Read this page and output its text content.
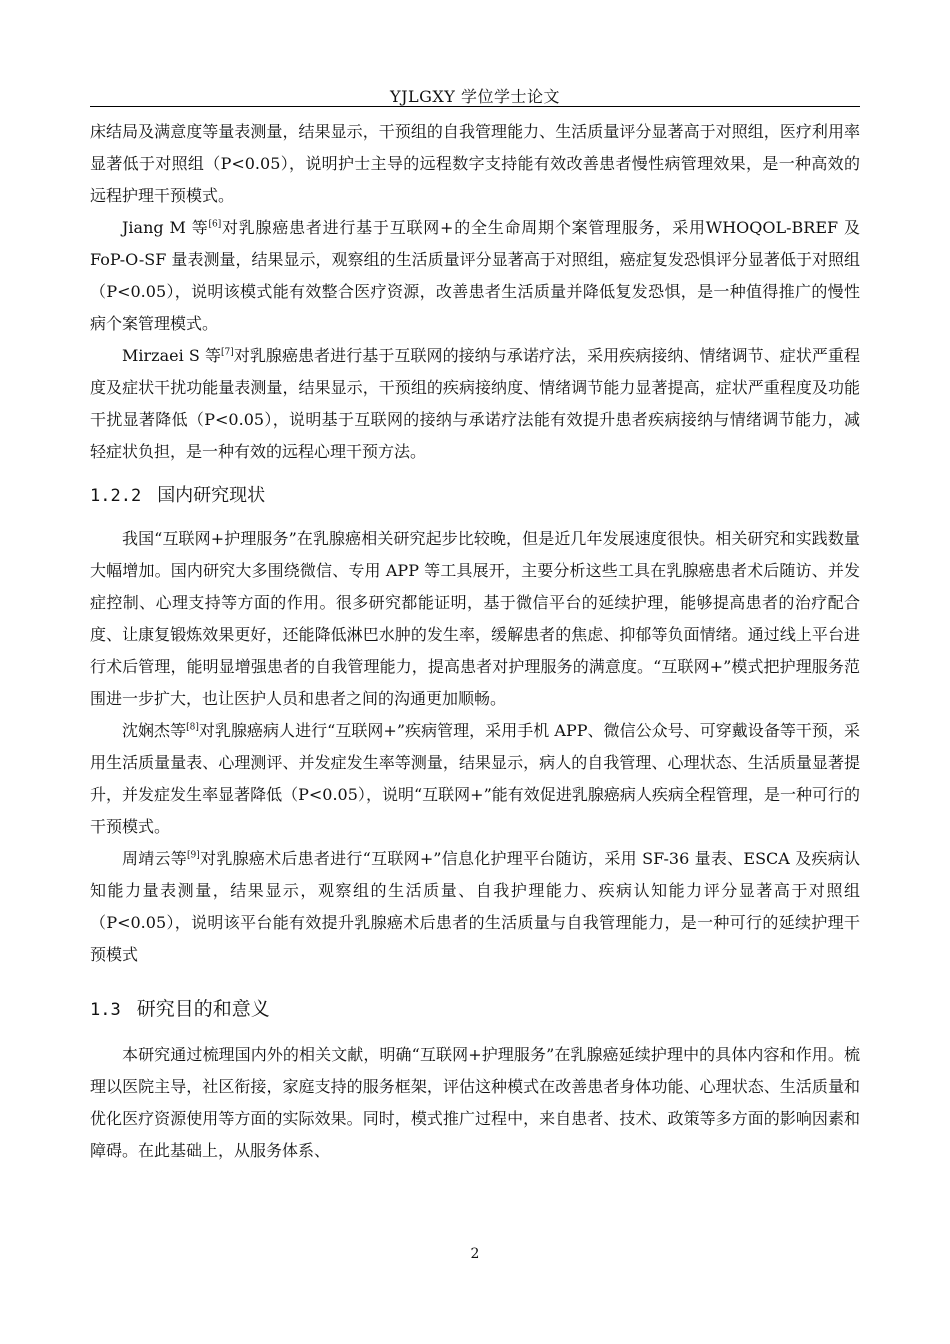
YJLGXY 学位学士论文

床结局及满意度等量表测量，结果显示，干预组的自我管理能力、生活质量评分显著高于对照组，医疗利用率显著低于对照组（P<0.05），说明护士主导的远程数字支持能有效改善患者慢性病管理效果，是一种高效的远程护理干预模式。

Jiang M 等[6]对乳腺癌患者进行基于互联网+的全生命周期个案管理服务，采用WHOQOL-BREF 及 FoP-O-SF 量表测量，结果显示，观察组的生活质量评分显著高于对照组，癌症复发恐惧评分显著低于对照组（P<0.05），说明该模式能有效整合医疗资源，改善患者生活质量并降低复发恐惧，是一种值得推广的慢性病个案管理模式。

Mirzaei S 等[7]对乳腺癌患者进行基于互联网的接纳与承诺疗法，采用疾病接纳、情绪调节、症状严重程度及症状干扰功能量表测量，结果显示，干预组的疾病接纳度、情绪调节能力显著提高，症状严重程度及功能干扰显著降低（P<0.05），说明基于互联网的接纳与承诺疗法能有效提升患者疾病接纳与情绪调节能力，减轻症状负担，是一种有效的远程心理干预方法。

1.2.2 国内研究现状

我国“互联网+护理服务”在乳腺癌相关研究起步比较晚，但是近几年发展速度很快。相关研究和实践数量大幅增加。国内研究大多围绕微信、专用 APP 等工具展开，主要分析这些工具在乳腺癌患者术后随访、并发症控制、心理支持等方面的作用。很多研究都能证明，基于微信平台的延续护理，能够提高患者的治疗配合度、让康复锻炼效果更好，还能降低淋巴水肿的发生率，缓解患者的焦虑、抑郁等负面情绪。通过线上平台进行术后管理，能明显增强患者的自我管理能力，提高患者对护理服务的满意度。“互联网+”模式把护理服务范围进一步扩大，也让医护人员和患者之间的沟通更加顺畅。

沈娴杰等[8]对乳腺癌病人进行“互联网+”疾病管理，采用手机 APP、微信公众号、可穿戴设备等干预，采用生活质量量表、心理测评、并发症发生率等测量，结果显示，病人的自我管理、心理状态、生活质量显著提升，并发症发生率显著降低（P<0.05），说明“互联网+”能有效促进乳腺癌病人疾病全程管理，是一种可行的干预模式。

周靖云等[9]对乳腺癌术后患者进行“互联网+”信息化护理平台随访，采用 SF-36 量表、ESCA 及疾病认知能力量表测量，结果显示，观察组的生活质量、自我护理能力、疾病认知能力评分显著高于对照组（P<0.05），说明该平台能有效提升乳腺癌术后患者的生活质量与自我管理能力，是一种可行的延续护理干预模式

1.3 研究目的和意义

本研究通过梳理国内外的相关文献，明确“互联网+护理服务”在乳腺癌延续护理中的具体内容和作用。梳理以医院主导，社区衔接，家庭支持的服务框架，评估这种模式在改善患者身体功能、心理状态、生活质量和优化医疗资源使用等方面的实际效果。同时，模式推广过程中，来自患者、技术、政策等多方面的影响因素和障碍。在此基础上，从服务体系、

2
